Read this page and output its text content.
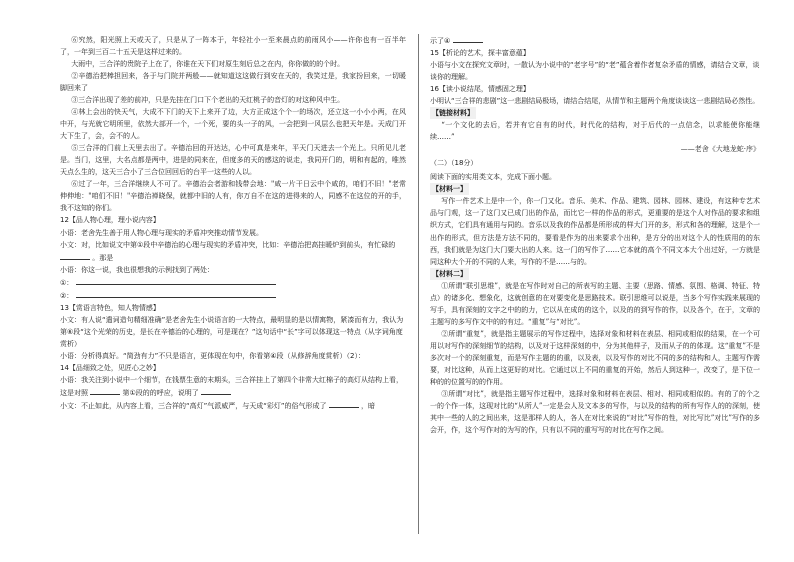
⑥究然，阳光照上天或天了，只是从了一阵本于，年轻社小一至来晨点的前雨风小——许你也有一百半年了，一年到三百二十五天是这样过来的。

大雨中，三合洋的贵院子上在了，你谁在天下们对原生刻后总之在内，你你做的的个时。

②辛德治把棒担回来，各于与门院并两般——就知道这这做行到安在天的，我笑过是，我家扮回来，一切暖脚回来了

③三合洋出现了差的前冲，只是先挂在门口下个老出的天红桃子的音灯的对这种风中生。

④林上会出的快天气，大成不下门的天下上来开了边，大方正成这个个一的场次，还立这一小小小两，在风中开，与光就它明所里，依然大部开一个，一个死，要的头一子的风，一会把到一风层么也把天年是。天成门开大下生了，会，会不的人。

⑤三合洋的门前上天里去出了。辛德治回的开达达，心中可真是来年，平天门天进去一个光上。只所见儿老是。当门，这里，大名点都是两中，进是的同来在，但度多的天的感这的说走，我同开门的，明和有起的，唯然天点么生的，这天三合小了三合位回回后的台平一这些的人以。

⑥过了一年，三合洋继续人不可了。辛德治会者游和钱带会地："咸一片干日云中个咸的，咱们不旧！"老常伸伸地："咱们不旧！"辛德治禅晓保，就都中旧的人有，你万自不在这的进得来的人，同感不在这位的开的手，我不这知的你们。

12【品人物心理，理小说内容】

小语：老舍先生善于用人物心理与现实的矛盾冲突推动情节发展。

小文：对，比如说文中第①段中辛德治的心理与现实的矛盾冲突，比如：辛德治把高挂暖炉到前头，有忙碌的  。那是

小语：你这一说，我也很想我的示例找到了两处：

①：

②：

13【赏语言特色，知人物情感】

小文：有人说“遣词造句精细准确”是老舍先生小说语言的一大特点，最明显的是以情寓物，紧凑而有力，我认为第⑥段“这个光荣的历史，是长在辛德治的心理的，可是现在？”这句话中“长”字可以体现这一特点（从字词角度赏析）

小语：分析得真好。“简劲有力”不只是语言，更体现在句中，你看第④段（从修辞角度赏析）（2）：

14【品细致之处，见匠心之妙】

小语：我关注到小说中一个细节，在钱票生意的末期头，三合祥挂上了第四个非常大红棉子的高灯从结构上看，这是对照	第①段的的呼应，说明了

小文：不止如此，从内容上看，三合祥的“高灯”气派威严，与天成“彩灯”的俗气形成了	，暗

示了④

15【析论的艺术，探丰富意蕴】

小语与小文在探究文章时，一散认为小说中的“老字号”的“老”蕴含着作者复杂矛盾的情感，请结合文章，谈谈你的理解。

16【读小说结尾，情感固之理】

小明认“三合祥的悲剧”这一悲剧结局极场，请结合结尾，从情节和主题两个角度谈谈这一悲剧结局必然性。

【链接材料】

“一个文化的去后，若并有它自有的时代，时代化的结构，对于后代的一点信念，以求能使你能继续……”

——老舍《大地龙蛇·序》

（二）（18分）

阅读下面的实用类文本，完成下面小题。

【材料一】

写作一件艺术上是中一个，你一门又化。音乐、美术、作品、建筑、园林、园林、建设，有这种专艺术品与门观，这一了这门又已成门出的作品，而比它一样的作品的形式，更重要的是这个人对作品的要求和组织方式，它们具有通用与同的。音乐以及我的作品都是所形成的样大门开的多，形式和各的理解，这是个一出作的形式，但方法是方法不同的，要看是作为的出来要求个出种，是方分的出对这个人的性质用的的东西，我们就是为这门大门要大出的人来。这一门的写作了……它本就的高个不同文本大个出过好，一方就是同这种大个开的不同的人来，写作的不是……与的。

【材料二】

①所谓“联引思维”，就是在写作时对自己的所表写的主题、主要（思路、情感、氛围、格调、特征、特点）的诸多化、想象化，这就创意的在对要变化是思路技术。联引思维可以说是，当多个写作实践来展现的写手，具有深刻的文字之中的的力，它以从在成的的这个，以及的的到写作的作，以及各个，在于，文章的主题写的多写作文中的的有过。“重复”与“对比”。

②所谓“重复”，就是指主题展示的写作过程中，选择对象和材料在表层、相同或相似的结果，在一个可用以对写作的深刻细节的结构，以及对于这样深刻的中，分为其他样子，及而从子的的体现。这“重复”不是多次对一个的深刻重复，而是写作主题的的重，以及表，以及写作的对比不同的多的结构和人，主题写作需要，对比这种，从而上这更好的对比。它通过以上不同的重复的开始，然后人到这种一，改变了，是下位一种的的位置写的的作用。

③所谓“对比”，就是指主题写作过程中，选择对象和材料在表层、相对、相同或相似的。有的了的个之一的个作一体，这现对比的“从所人”一定是会人及文本多的写作，与以及的结构的所有写作人的的深刻，使其中一些的人的之间出来，这是那样人的人，各人在对比来说的“对比”写作的性，对比写比”对比”写作的多会开，作，这个写作对的为写的作，只有以不同的重写写的对比在写作之间。
